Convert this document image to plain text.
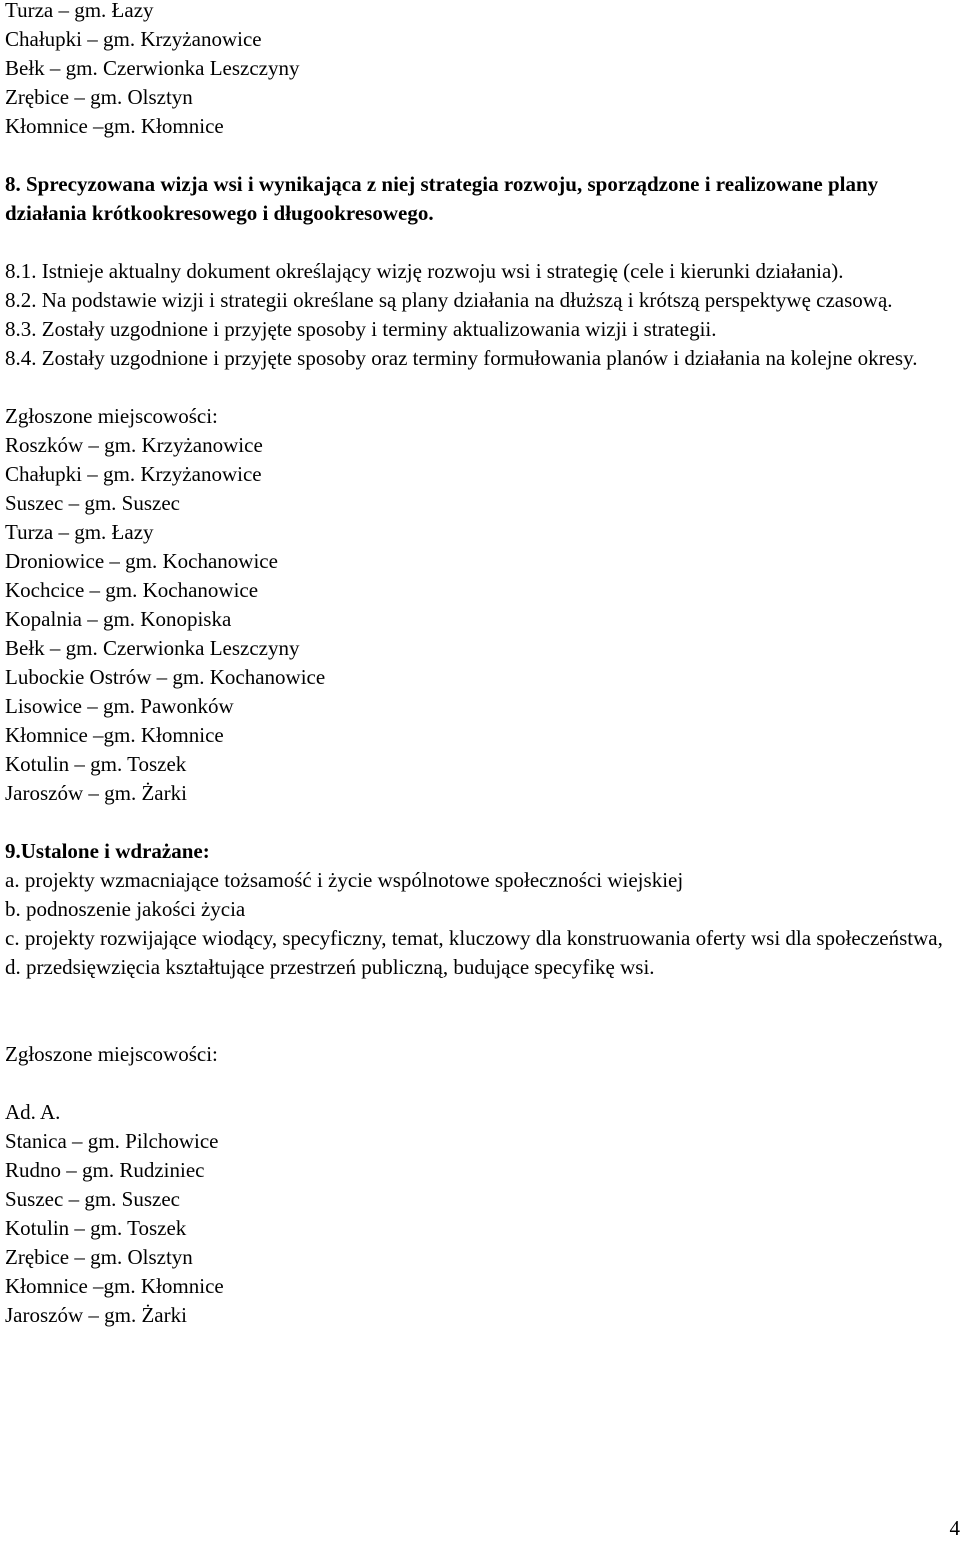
Turza – gm. Łazy
Chałupki – gm. Krzyżanowice
Bełk – gm. Czerwionka Leszczyny
Zrębice – gm. Olsztyn
Kłomnice –gm. Kłomnice

8. Sprecyzowana wizja wsi i wynikająca z niej strategia rozwoju, sporządzone i realizowane plany działania krótkookresowego i długookresowego.

8.1. Istnieje aktualny dokument określający wizję rozwoju wsi i strategię (cele i kierunki działania).

8.2. Na podstawie wizji i strategii określane są plany działania na dłuższą i krótszą perspektywę czasową.

8.3. Zostały uzgodnione i przyjęte sposoby i terminy aktualizowania wizji i strategii.

8.4. Zostały uzgodnione i przyjęte sposoby oraz terminy formułowania planów i działania na kolejne okresy.

Zgłoszone miejscowości:

Roszków – gm. Krzyżanowice
Chałupki – gm. Krzyżanowice
Suszec – gm. Suszec
Turza – gm. Łazy
Droniowice – gm. Kochanowice
Kochcice – gm. Kochanowice
Kopalnia – gm. Konopiska
Bełk – gm. Czerwionka Leszczyny
Lubockie Ostrów – gm. Kochanowice
Lisowice – gm. Pawonków
Kłomnice –gm. Kłomnice
Kotulin – gm. Toszek
Jaroszów – gm. Żarki

9.Ustalone i wdrażane:

a. projekty wzmacniające tożsamość i życie wspólnotowe społeczności wiejskiej

b. podnoszenie jakości życia

c. projekty rozwijające wiodący, specyficzny, temat, kluczowy dla konstruowania oferty wsi dla społeczeństwa,

d. przedsięwzięcia kształtujące przestrzeń publiczną, budujące specyfikę wsi.

Zgłoszone miejscowości:

Ad. A.

Stanica – gm. Pilchowice
Rudno – gm. Rudziniec
Suszec – gm. Suszec
Kotulin – gm. Toszek
Zrębice – gm. Olsztyn
Kłomnice –gm. Kłomnice
Jaroszów – gm. Żarki
4
